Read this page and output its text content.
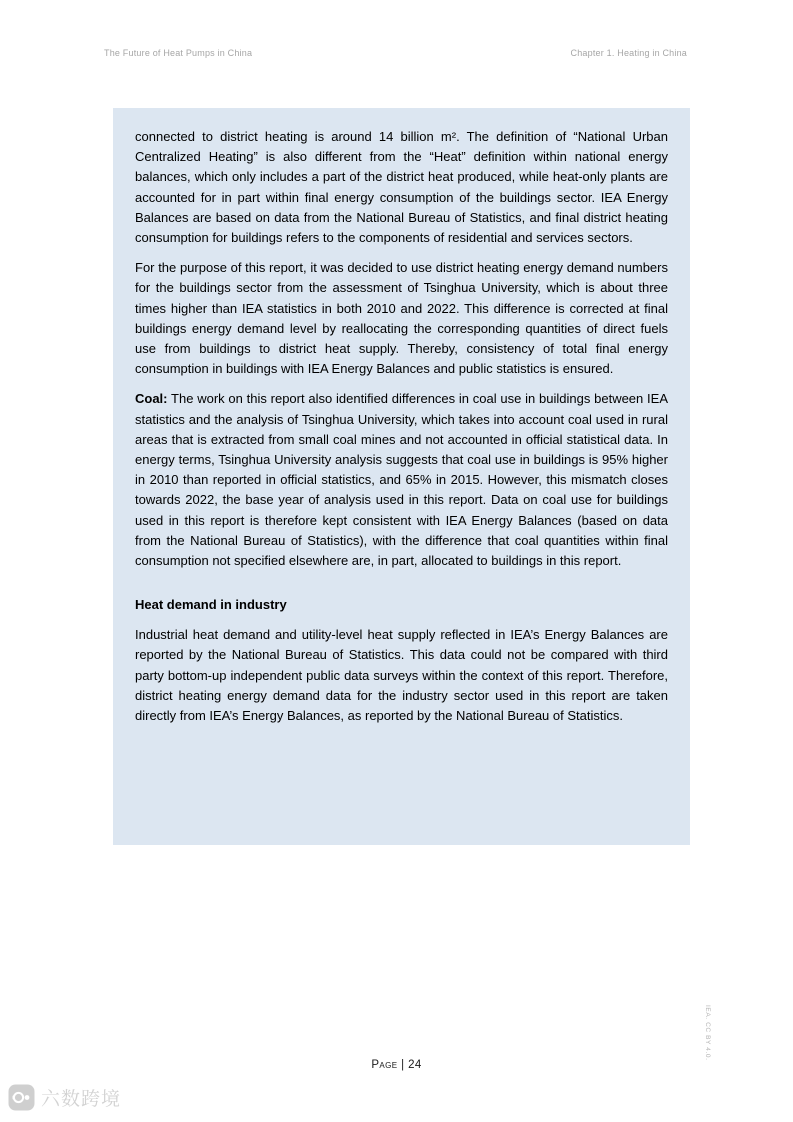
The Future of Heat Pumps in China	Chapter 1. Heating in China

connected to district heating is around 14 billion m². The definition of “National Urban Centralized Heating” is also different from the “Heat” definition within national energy balances, which only includes a part of the district heat produced, while heat-only plants are accounted for in part within final energy consumption of the buildings sector. IEA Energy Balances are based on data from the National Bureau of Statistics, and final district heating consumption for buildings refers to the components of residential and services sectors.

For the purpose of this report, it was decided to use district heating energy demand numbers for the buildings sector from the assessment of Tsinghua University, which is about three times higher than IEA statistics in both 2010 and 2022. This difference is corrected at final buildings energy demand level by reallocating the corresponding quantities of direct fuels use from buildings to district heat supply. Thereby, consistency of total final energy consumption in buildings with IEA Energy Balances and public statistics is ensured.

Coal: The work on this report also identified differences in coal use in buildings between IEA statistics and the analysis of Tsinghua University, which takes into account coal used in rural areas that is extracted from small coal mines and not accounted in official statistical data. In energy terms, Tsinghua University analysis suggests that coal use in buildings is 95% higher in 2010 than reported in official statistics, and 65% in 2015. However, this mismatch closes towards 2022, the base year of analysis used in this report. Data on coal use for buildings used in this report is therefore kept consistent with IEA Energy Balances (based on data from the National Bureau of Statistics), with the difference that coal quantities within final consumption not specified elsewhere are, in part, allocated to buildings in this report.

Heat demand in industry

Industrial heat demand and utility-level heat supply reflected in IEA’s Energy Balances are reported by the National Bureau of Statistics. This data could not be compared with third party bottom-up independent public data surveys within the context of this report. Therefore, district heating energy demand data for the industry sector used in this report are taken directly from IEA’s Energy Balances, as reported by the National Bureau of Statistics.

IEA. CC BY 4.0.
Page | 24
六数跨境
